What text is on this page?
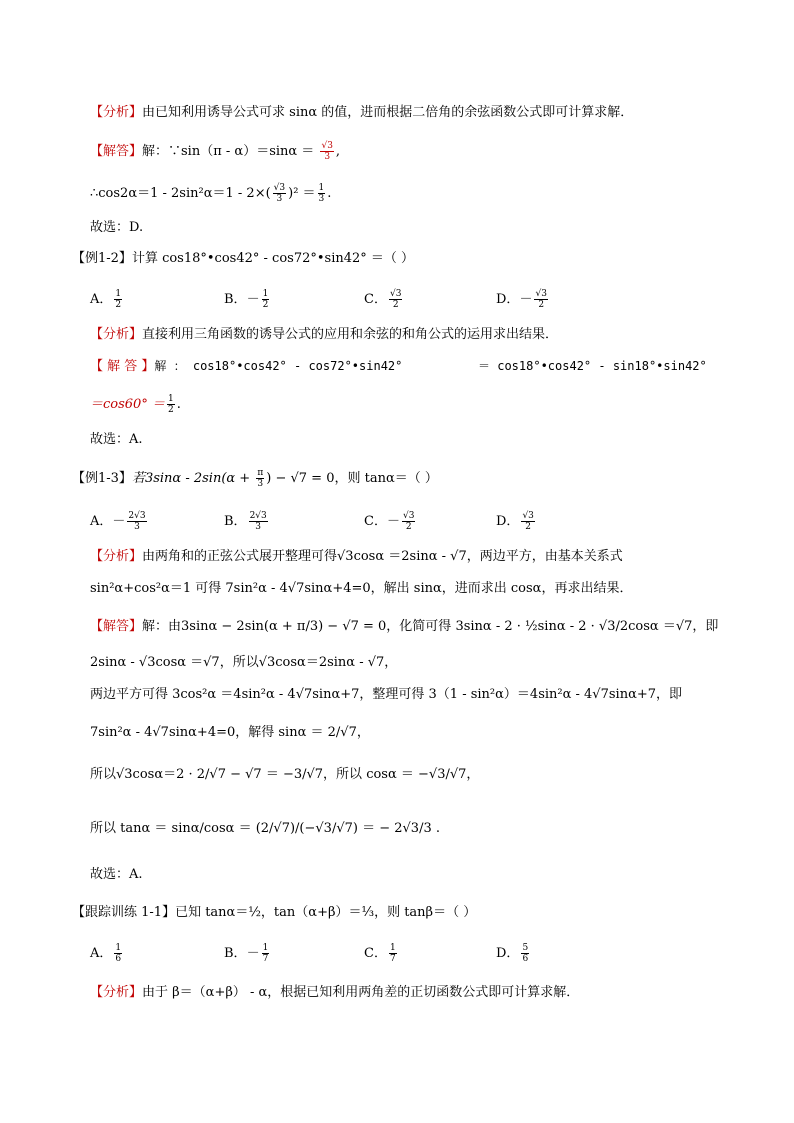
【分析】由已知利用诱导公式可求 sinα 的值，进而根据二倍角的余弦函数公式即可计算求解．
【解答】解：∵sin（π - $\alpha)=\sin\alpha = \frac{√3}{3}$ ,
∴cos2α＝1 - $2\sin^2\alpha=1 - 2\times( \frac{√3}{3} )^2 = \frac{1}{3}$ .
故选：D.
【例1-2】计算 cos18°•cos42° - cos72°•sin42° ＝（ ）
A． $\frac{1}{2}$	B．－ $\frac{1}{2}$	C． $\frac{√3}{2}$	D．－ $\frac{√3}{2}$
【分析】直接利用三角函数的诱导公式的应用和余弦的和角公式的运用求出结果．
【 解 答 】解 ： cos18°•cos42° - cos72°•sin42°	＝ cos18°•cos42° - sin18°•sin42°
$=\cos 60^\circ = \frac{1}{2}$ .
故选：A.
【例1-3】若$3\sin\alpha - 2\sin(\alpha + \frac{\pi}{3}$ ) − √7 = 0，则 tanα＝（ ）
A．－ $\frac{2√3}{3}$	B． $\frac{2√3}{3}$	C．－ $\frac{√3}{2}$	D． $\frac{√3}{2}$
【分析】由两角和的正弦公式展开整理可得√3cosα ＝2sinα - √7，两边平方，由基本关系式
sin²α+cos²α＝1 可得 7sin²α - 4√7sinα+4=0，解出 sinα，进而求出 cosα，再求出结果．
【解答】解：由3sinα − 2sin(α + π/3) − √7 = 0，化简可得 3sinα - 2 · ½sinα - 2 · √3/2cosα ＝√7，即
2sinα - √3cosα ＝√7，所以√3cosα＝2sinα - √7，
两边平方可得 3cos²α ＝4sin²α - 4√7sinα+7，整理可得 3（1 - sin²α）＝4sin²α - 4√7sinα+7，即
7sin²α - 4√7sinα+4=0，解得 sinα ＝ 2/√7，
所以√3cosα＝2 · 2/√7 − √7 ＝ −3/√7，所以 cosα ＝ −√3/√7，
所以 tanα ＝ sinα/cosα ＝ (2/√7)/(−√3/√7) ＝ − 2√3/3 .
故选：A.
【跟踪训练 1-1】已知 tanα＝½，tan（α+β）＝⅓，则 tanβ＝（ ）
A． $\frac{1}{6}$	B．－ $\frac{1}{7}$	C． $\frac{1}{7}$	D． $\frac{5}{6}$
【分析】由于 β＝（α+β） - α，根据已知利用两角差的正切函数公式即可计算求解．
